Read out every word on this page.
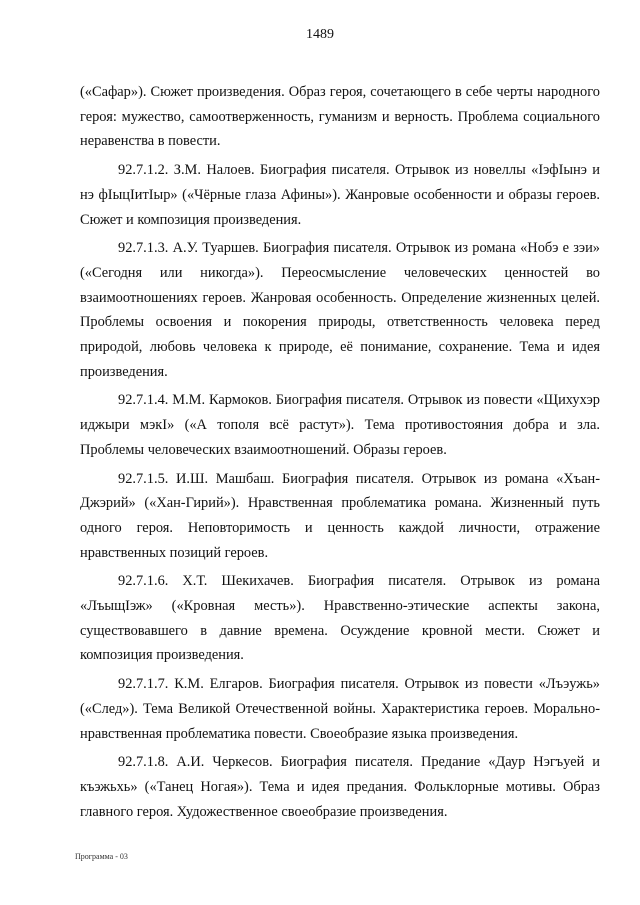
1489

(«Сафар»). Сюжет произведения. Образ героя, сочетающего в себе черты народного героя: мужество, самоотверженность, гуманизм и верность. Проблема социального неравенства в повести.

92.7.1.2. З.М. Налоев. Биография писателя. Отрывок из новеллы «ІэфІынэ и нэ фІыцІитІыр» («Чёрные глаза Афины»). Жанровые особенности и образы героев. Сюжет и композиция произведения.

92.7.1.3. А.У. Туаршев. Биография писателя. Отрывок из романа «Нобэ е зэи» («Сегодня или никогда»). Переосмысление человеческих ценностей во взаимоотношениях героев. Жанровая особенность. Определение жизненных целей. Проблемы освоения и покорения природы, ответственность человека перед природой, любовь человека к природе, её понимание, сохранение. Тема и идея произведения.

92.7.1.4. М.М. Кармоков. Биография писателя. Отрывок из повести «Щихухэр иджыри мэкІ» («А тополя всё растут»). Тема противостояния добра и зла. Проблемы человеческих взаимоотношений. Образы героев.

92.7.1.5. И.Ш. Машбаш. Биография писателя. Отрывок из романа «Хъан-Джэрий» («Хан-Гирий»). Нравственная проблематика романа. Жизненный путь одного героя. Неповторимость и ценность каждой личности, отражение нравственных позиций героев.

92.7.1.6. Х.Т. Шекихачев. Биография писателя. Отрывок из романа «ЛъыщІэж» («Кровная месть»). Нравственно-этические аспекты закона, существовавшего в давние времена. Осуждение кровной мести. Сюжет и композиция произведения.

92.7.1.7. К.М. Елгаров. Биография писателя. Отрывок из повести «Лъэужь» («След»). Тема Великой Отечественной войны. Характеристика героев. Морально-нравственная проблематика повести. Своеобразие языка произведения.

92.7.1.8. А.И. Черкесов. Биография писателя. Предание «Даур Нэгъуей и къэжьхь» («Танец Ногая»). Тема и идея предания. Фольклорные мотивы. Образ главного героя. Художественное своеобразие произведения.

Программа - 03
